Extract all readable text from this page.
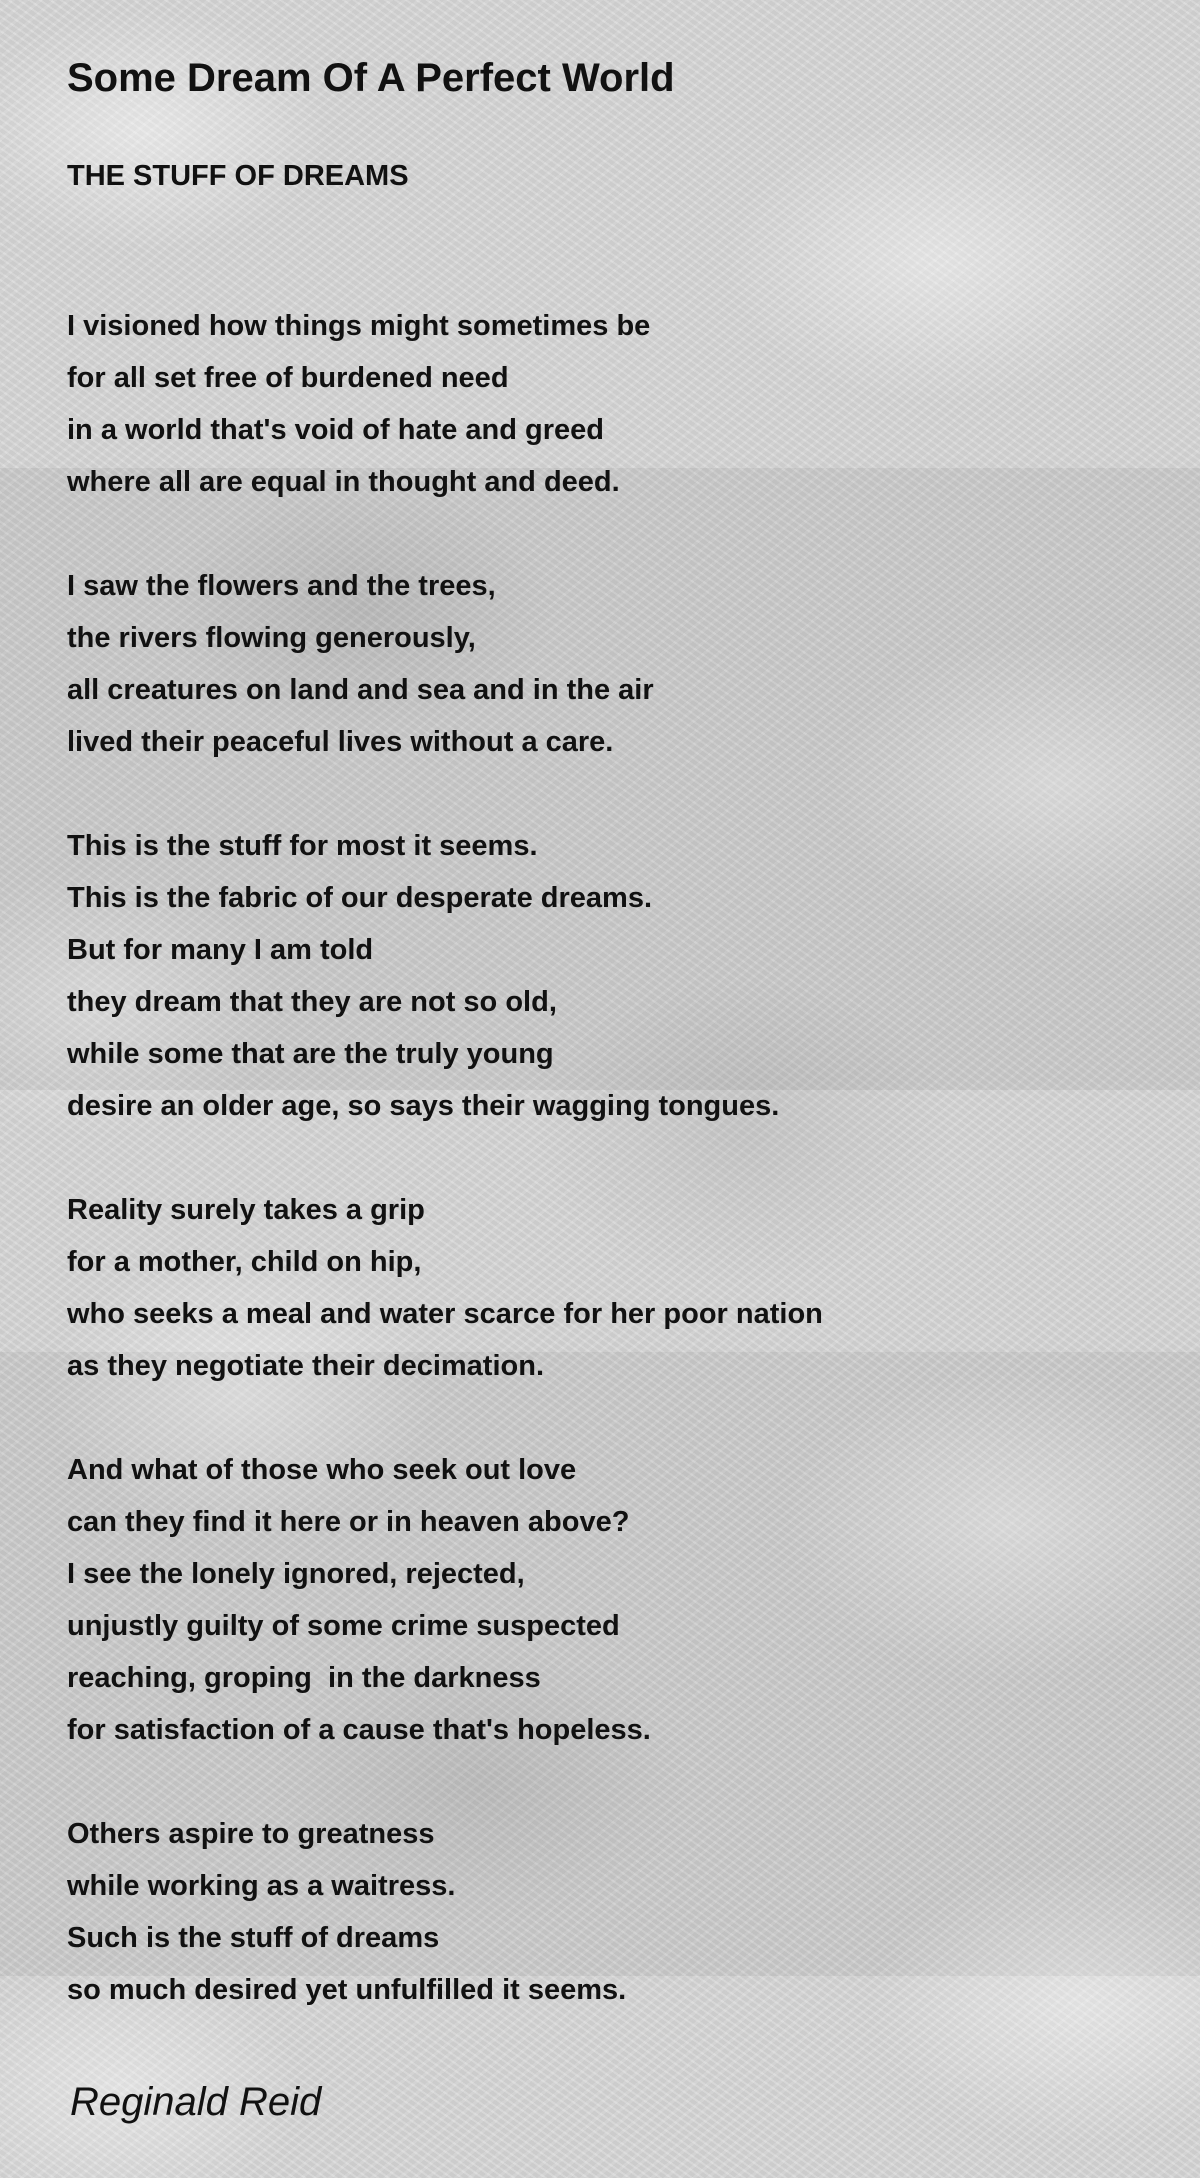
Some Dream Of A Perfect World
THE STUFF OF DREAMS
I visioned how things might sometimes be
for all set free of burdened need
in a world that's void of hate and greed
where all are equal in thought and deed.
I saw the flowers and the trees,
the rivers flowing generously,
all creatures on land and sea and in the air
lived their peaceful lives without a care.
This is the stuff for most it seems.
This is the fabric of our desperate dreams.
But for many I am told
they dream that they are not so old,
while some that are the truly young
desire an older age, so says their wagging tongues.
Reality surely takes a grip
for a mother, child on hip,
who seeks a meal and water scarce for her poor nation
as they negotiate their decimation.
And what of those who seek out love
can they find it here or in heaven above?
I see the lonely ignored, rejected,
unjustly guilty of some crime suspected
reaching, groping  in the darkness
for satisfaction of a cause that's hopeless.
Others aspire to greatness
while working as a waitress.
Such is the stuff of dreams
so much desired yet unfulfilled it seems.
Reginald Reid
